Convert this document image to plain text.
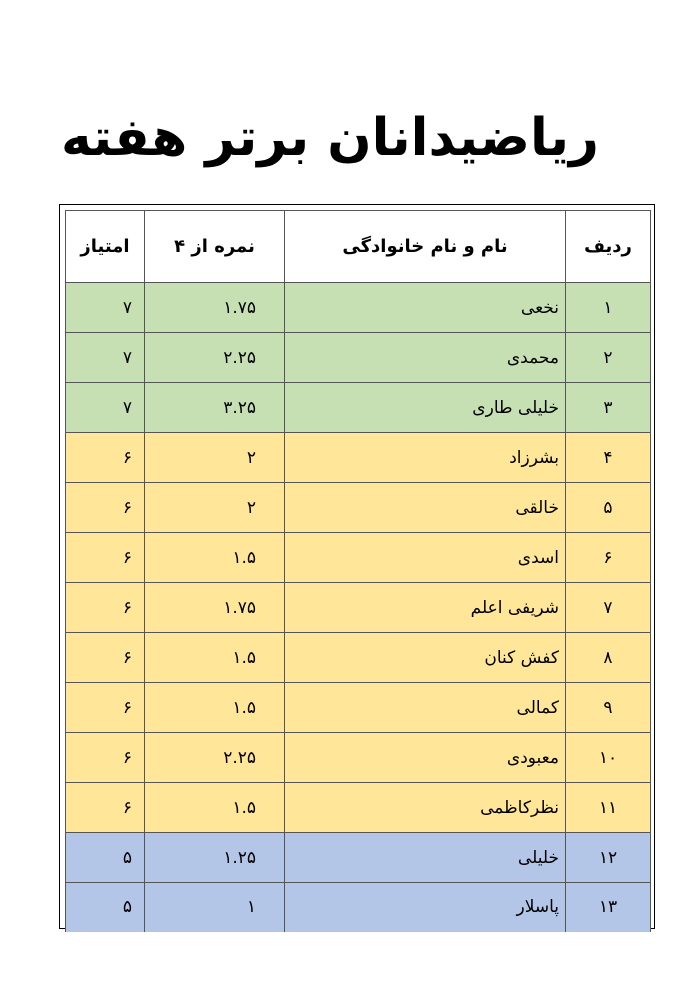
ریاضیدانان برتر هفته
ردیف	نام و نام خانوادگی	نمره از ۴	امتیاز
۱	نخعی	۱.۷۵	۷
۲	محمدی	۲.۲۵	۷
۳	خلیلی طاری	۳.۲۵	۷
۴	بشرزاد	۲	۶
۵	خالقی	۲	۶
۶	اسدی	۱.۵	۶
۷	شریفی اعلم	۱.۷۵	۶
۸	کفش کنان	۱.۵	۶
۹	کمالی	۱.۵	۶
۱۰	معبودی	۲.۲۵	۶
۱۱	نظرکاظمی	۱.۵	۶
۱۲	خلیلی	۱.۲۵	۵
۱۳	پاسلار	۱	۵
